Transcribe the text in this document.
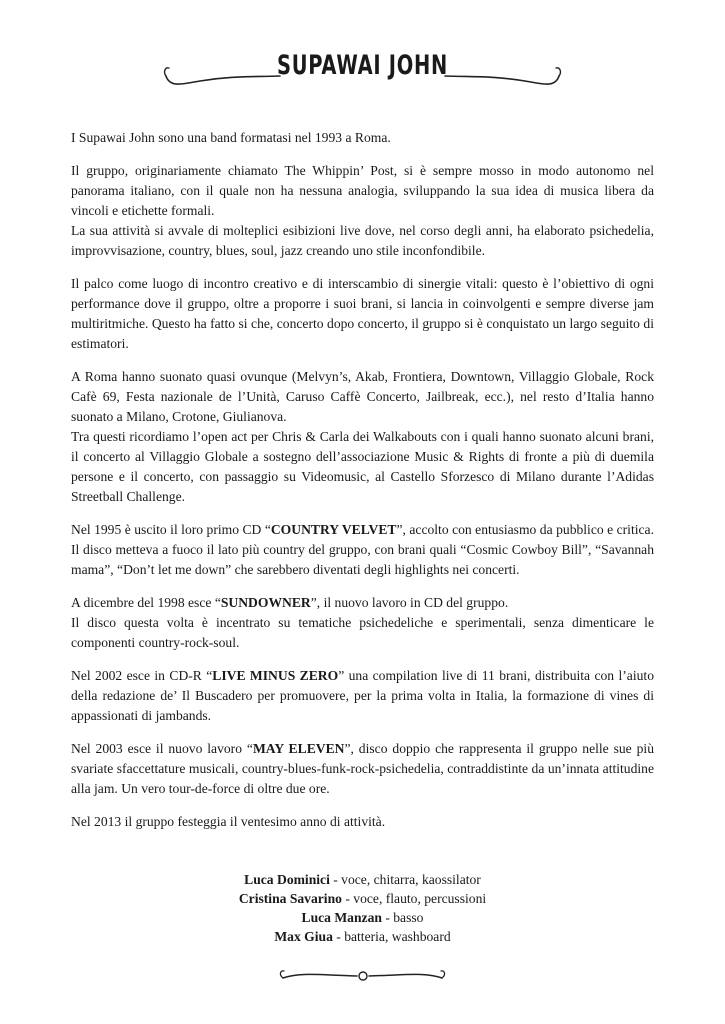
SUPAWAI JOHN

I Supawai John sono una band formatasi nel 1993 a Roma.

Il gruppo, originariamente chiamato The Whippin’ Post, si è sempre mosso in modo autonomo nel panorama italiano, con il quale non ha nessuna analogia, sviluppando la sua idea di musica libera da vincoli e etichette formali.
La sua attività si avvale di molteplici esibizioni live dove, nel corso degli anni, ha elaborato psichedelia, improvvisazione, country, blues, soul, jazz creando uno stile inconfondibile.

Il palco come luogo di incontro creativo e di interscambio di sinergie vitali: questo è l’obiettivo di ogni performance dove il gruppo, oltre a proporre i suoi brani, si lancia in coinvolgenti e sempre diverse jam multiritmiche. Questo ha fatto si che, concerto dopo concerto, il gruppo si è conquistato un largo seguito di estimatori.

A Roma hanno suonato quasi ovunque (Melvyn’s, Akab, Frontiera, Downtown, Villaggio Globale, Rock Cafè 69, Festa nazionale de l’Unità, Caruso Caffè Concerto, Jailbreak, ecc.), nel resto d’Italia hanno suonato a Milano, Crotone, Giulianova.
Tra questi ricordiamo l’open act per Chris & Carla dei Walkabouts con i quali hanno suonato alcuni brani, il concerto al Villaggio Globale a sostegno dell’associazione Music & Rights di fronte a più di duemila persone e il concerto, con passaggio su Videomusic, al Castello Sforzesco di Milano durante l’Adidas Streetball Challenge.

Nel 1995 è uscito il loro primo CD “COUNTRY VELVET”, accolto con entusiasmo da pubblico e critica. Il disco metteva a fuoco il lato più country del gruppo, con brani quali “Cosmic Cowboy Bill”, “Savannah mama”, “Don’t let me down” che sarebbero diventati degli highlights nei concerti.

A dicembre del 1998 esce “SUNDOWNER”, il nuovo lavoro in CD del gruppo.
Il disco questa volta è incentrato su tematiche psichedeliche e sperimentali, senza dimenticare le componenti country-rock-soul.

Nel 2002 esce in CD-R “LIVE MINUS ZERO” una compilation live di 11 brani, distribuita con l’aiuto della redazione de’ Il Buscadero per promuovere, per la prima volta in Italia, la formazione di vines di appassionati di jambands.

Nel 2003 esce il nuovo lavoro “MAY ELEVEN”, disco doppio che rappresenta il gruppo nelle sue più svariate sfaccettature musicali, country-blues-funk-rock-psichedelia, contraddistinte da un’innata attitudine alla jam. Un vero tour-de-force di oltre due ore.

Nel 2013 il gruppo festeggia il ventesimo anno di attività.

Luca Dominici - voce, chitarra, kaossilator
Cristina Savarino - voce, flauto, percussioni
Luca Manzan - basso
Max Giua - batteria, washboard
